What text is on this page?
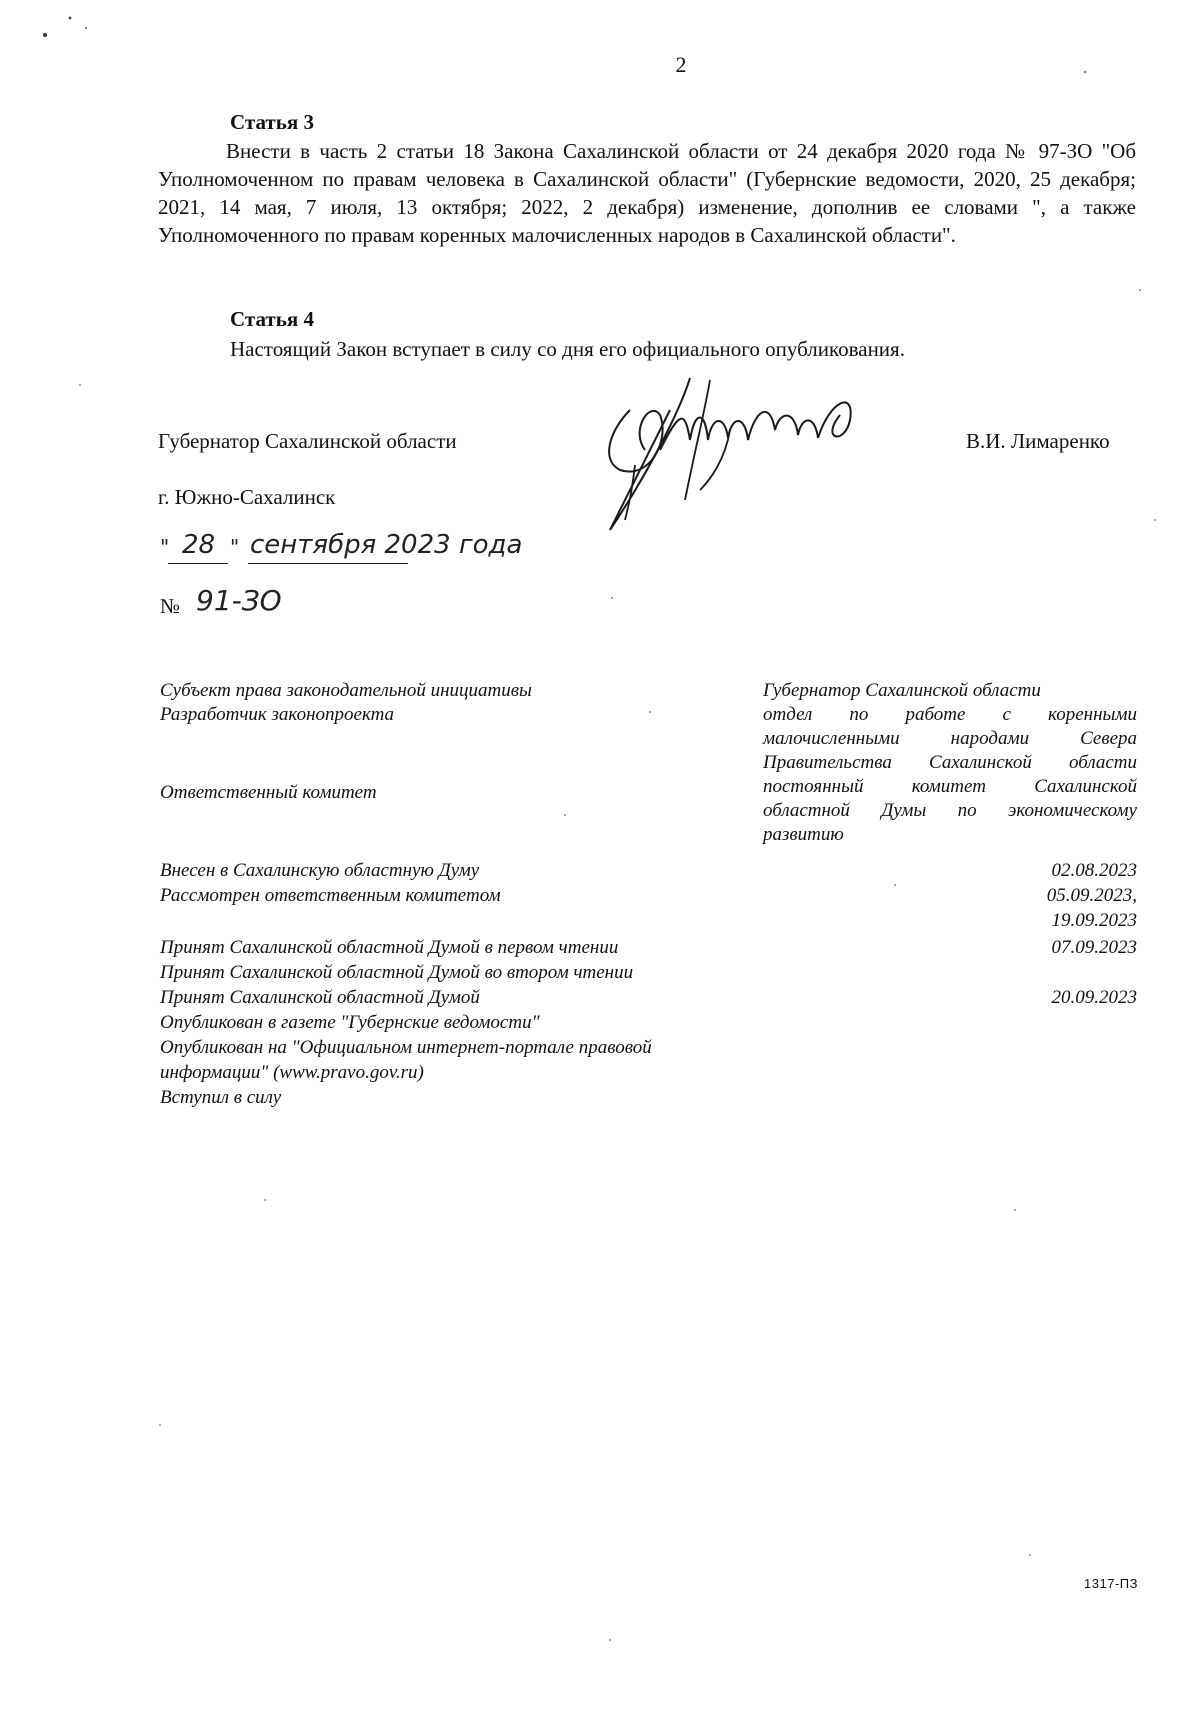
2
Статья 3
Внести в часть 2 статьи 18 Закона Сахалинской области от 24 декабря 2020 года № 97-ЗО "Об Уполномоченном по правам человека в Сахалинской области" (Губернские ведомости, 2020, 25 декабря; 2021, 14 мая, 7 июля, 13 октября; 2022, 2 декабря) изменение, дополнив ее словами ", а также Уполномоченного по правам коренных малочисленных народов в Сахалинской области".
Статья 4
Настоящий Закон вступает в силу со дня его официального опубликования.
Губернатор Сахалинской области	В.И. Лимаренко
г. Южно-Сахалинск
" 28 " сентября 2023 года
№ 91-ЗО
Субъект права законодательной инициативы
Разработчик законопроекта
Ответственный комитет
Внесен в Сахалинскую областную Думу
Рассмотрен ответственным комитетом
Принят Сахалинской областной Думой в первом чтении
Принят Сахалинской областной Думой во втором чтении
Принят Сахалинской областной Думой
Опубликован в газете "Губернские ведомости"
Опубликован на "Официальном интернет-портале правовой
информации" (www.pravo.gov.ru)
Вступил в силу
Губернатор Сахалинской области
отдел по работе с коренными малочисленными народами Севера Правительства Сахалинской области
постоянный комитет Сахалинской областной Думы по экономическому развитию
02.08.2023
05.09.2023,
19.09.2023
07.09.2023
20.09.2023
1317-ПЗ
